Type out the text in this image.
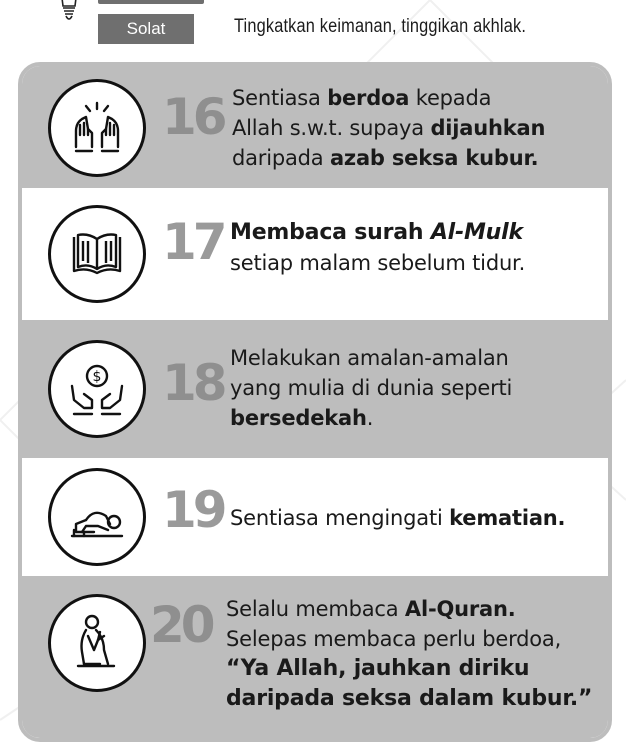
Solat	Tingkatkan keimanan, tinggikan akhlak.
16 Sentiasa berdoa kepada
Allah s.w.t. supaya dijauhkan
daripada azab seksa kubur.
17 Membaca surah Al-Mulk
setiap malam sebelum tidur.
$ 18 Melakukan amalan-amalan
yang mulia di dunia seperti
bersedekah.
19 Sentiasa mengingati kematian.
20 Selalu membaca Al-Quran.
Selepas membaca perlu berdoa,
“Ya Allah, jauhkan diriku
daripada seksa dalam kubur.”
